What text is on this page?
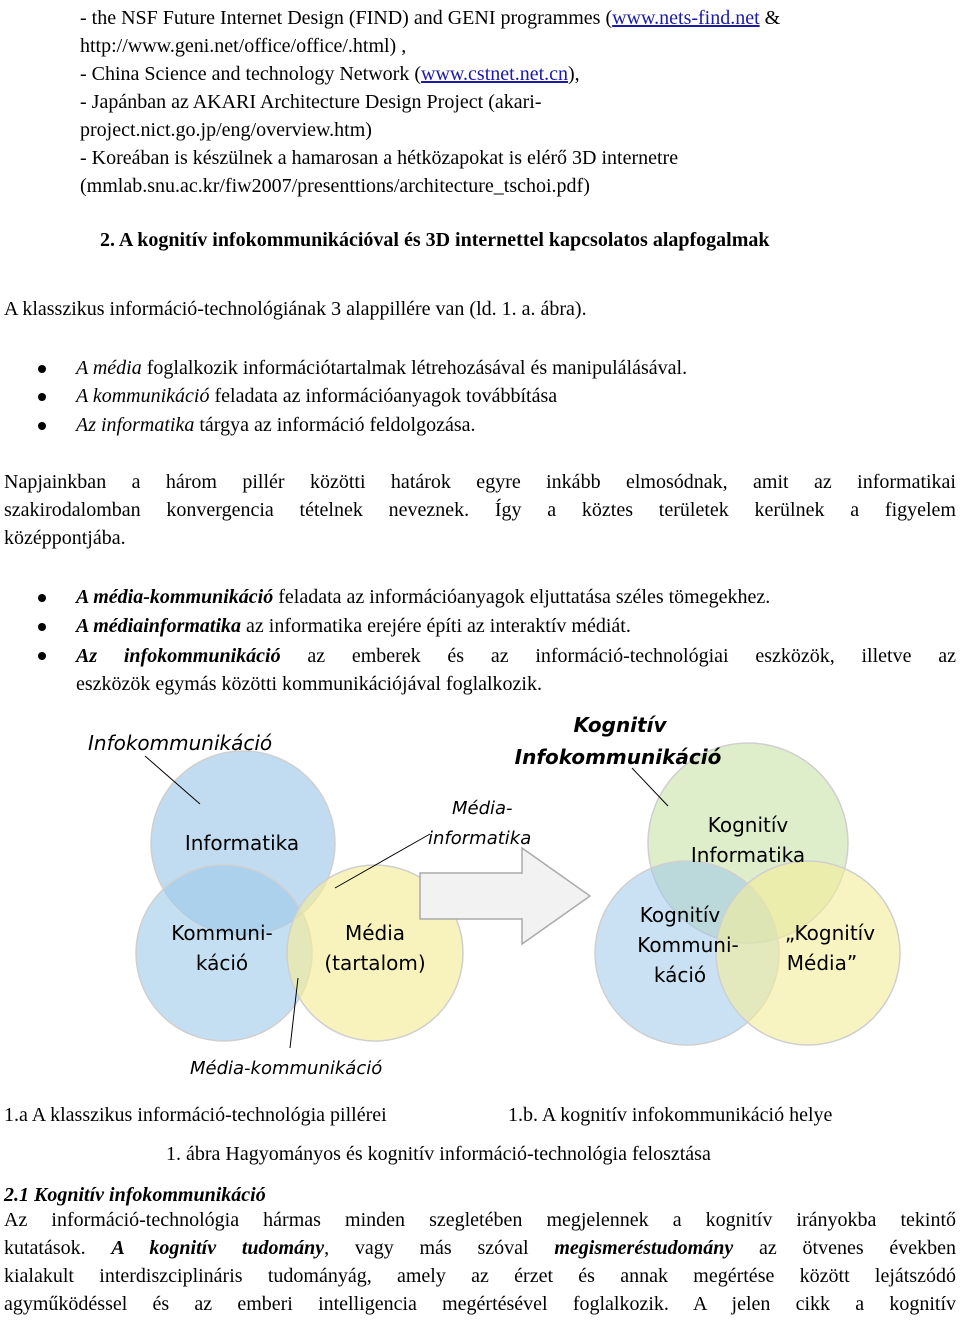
- the NSF Future Internet Design (FIND) and GENI programmes (www.nets-find.net &
http://www.geni.net/office/office/.html) ,
- China Science and technology Network (www.cstnet.net.cn),
- Japánban az AKARI Architecture Design Project (akari-
project.nict.go.jp/eng/overview.htm)
- Koreában is készülnek a hamarosan a hétközapokat is elérő 3D internetre
(mmlab.snu.ac.kr/fiw2007/presenttions/architecture_tschoi.pdf)
2. A kognitív infokommunikációval és 3D internettel kapcsolatos alapfogalmak
A klasszikus információ-technológiának 3 alappillére van (ld. 1. a. ábra).
A média foglalkozik információtartalmak létrehozásával és manipulálásával.
A kommunikáció feladata az információanyagok továbbítása
Az informatika tárgya az információ feldolgozása.
Napjainkban a három pillér közötti határok egyre inkább elmosódnak, amit az informatikai
szakirodalomban konvergencia tételnek neveznek. Így a köztes területek kerülnek a figyelem
középpontjába.
A média-kommunikáció feladata az információanyagok eljuttatása széles tömegekhez.
A médiainformatika az informatika erejére építi az interaktív médiát.
Az infokommunikáció az emberek és az információ-technológiai eszközök, illetve az
eszközök egymás közötti kommunikációjával foglalkozik.
Infokommunikáció
Informatika
Kommuni-
káció
Média
(tartalom)
Média-kommunikáció
Média-
informatika
Kognitív
Infokommunikáció
Kognitív
Informatika
Kognitív
Kommuni-
káció
„Kognitív
Média”
1.a A klasszikus információ-technológia pillérei	1.b. A kognitív infokommunikáció helye
1. ábra Hagyományos és kognitív információ-technológia felosztása
2.1 Kognitív infokommunikáció
Az információ-technológia hármas minden szegletében megjelennek a kognitív irányokba tekintő
kutatások. A kognitív tudomány, vagy más szóval megismeréstudomány az ötvenes években
kialakult interdiszciplináris tudományág, amely az érzet és annak megértése között lejátszódó
agyműködéssel és az emberi intelligencia megértésével foglalkozik. A jelen cikk a kognitív
